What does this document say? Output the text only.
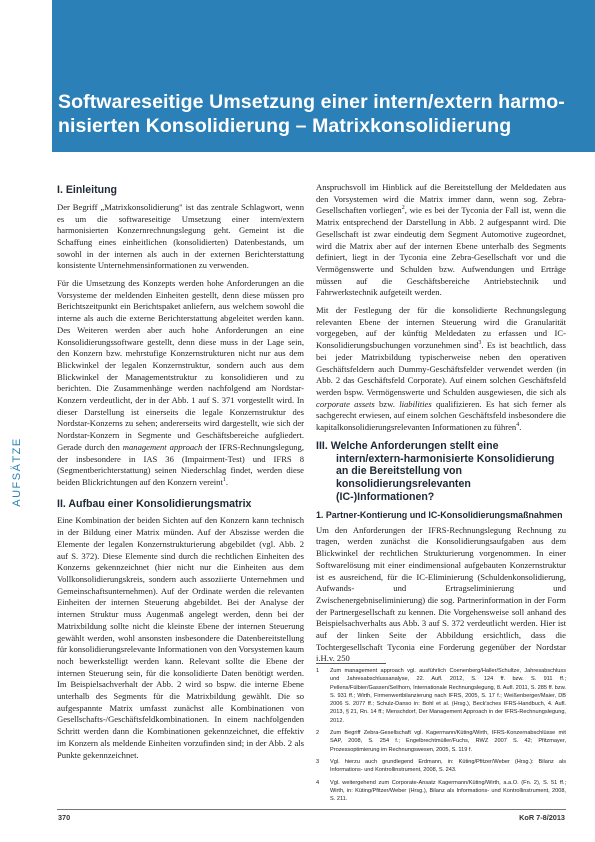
Softwareseitige Umsetzung einer intern/extern harmo-nisierten Konsolidierung – Matrixkonsolidierung
AUFSÄTZE
I. Einleitung

Der Begriff „Matrixkonsolidierung" ist das zentrale Schlagwort, wenn es um die softwareseitige Umsetzung einer intern/extern harmonisierten Konzernrechnungslegung geht. Gemeint ist die Schaffung eines einheitlichen (konsolidierten) Datenbestands, um sowohl in der internen als auch in der externen Berichterstattung konsistente Unternehmensinformationen zu verwenden.

Für die Umsetzung des Konzepts werden hohe Anforderungen an die Vorsysteme der meldenden Einheiten gestellt, denn diese müssen pro Berichtszeitpunkt ein Berichtspaket anliefern, aus welchem sowohl die interne als auch die externe Berichterstattung abgeleitet werden kann. Des Weiteren werden aber auch hohe Anforderungen an eine Konsolidierungssoftware gestellt, denn diese muss in der Lage sein, den Konzern bzw. mehrstufige Konzernstrukturen nicht nur aus dem Blickwinkel der legalen Konzernstruktur, sondern auch aus dem Blickwinkel der Managementstruktur zu konsolidieren und zu berichten. Die Zusammenhänge werden nachfolgend am Nordstar-Konzern verdeutlicht, der in der Abb. 1 auf S. 371 vorgestellt wird. In dieser Darstellung ist einerseits die legale Konzernstruktur des Nordstar-Konzerns zu sehen; andererseits wird dargestellt, wie sich der Nordstar-Konzern in Segmente und Geschäftsbereiche aufgliedert. Gerade durch den management approach der IFRS-Rechnungslegung, der insbesondere in IAS 36 (Impairment-Test) und IFRS 8 (Segmentberichterstattung) seinen Niederschlag findet, werden diese beiden Blickrichtungen auf den Konzern vereint$^1$.

II. Aufbau einer Konsolidierungsmatrix

Eine Kombination der beiden Sichten auf den Konzern kann technisch in der Bildung einer Matrix münden. Auf der Abszisse werden die Elemente der legalen Konzernstrukturierung abgebildet (vgl. Abb. 2 auf S. 372). Diese Elemente sind durch die rechtlichen Einheiten des Konzerns gekennzeichnet (hier nicht nur die Einheiten aus dem Vollkonsolidierungskreis, sondern auch assoziierte Unternehmen und Gemeinschaftsunternehmen). Auf der Ordinate werden die relevanten Einheiten der internen Steuerung abgebildet. Bei der Analyse der internen Struktur muss Augenmaß angelegt werden, denn bei der Matrixbildung sollte nicht die kleinste Ebene der internen Steuerung gewählt werden, wohl ansonsten insbesondere die Datenbereitstellung für konsolidierungsrelevante Informationen von den Vorsystemen kaum noch bewerkstelligt werden kann. Relevant sollte die Ebene der internen Steuerung sein, für die konsolidierte Daten benötigt werden. Im Beispielsachverhalt der Abb. 2 wird so bspw. die interne Ebene unterhalb des Segments für die Matrixbildung gewählt. Die so aufgespannte Matrix umfasst zunächst alle Kombinationen von Gesellschafts-/Geschäftsfeldkombinationen. In einem nachfolgenden Schritt werden dann die Kombinationen gekennzeichnet, die effektiv im Konzern als meldende Einheiten vorzufinden sind; in der Abb. 2 als Punkte gekennzeichnet.

Anspruchsvoll im Hinblick auf die Bereitstellung der Meldedaten aus den Vorsystemen wird die Matrix immer dann, wenn sog. Zebra-Gesellschaften vorliegen$^2$, wie es bei der Tyconia der Fall ist, wenn die Matrix entsprechend der Darstellung in Abb. 2 aufgespannt wird. Die Gesellschaft ist zwar eindeutig dem Segment Automotive zugeordnet, wird die Matrix aber auf der internen Ebene unterhalb des Segments definiert, liegt in der Tyconia eine Zebra-Gesellschaft vor und die Vermögenswerte und Schulden bzw. Aufwendungen und Erträge müssen auf die Geschäftsbereiche Antriebstechnik und Fahrwerkstechnik aufgeteilt werden.

Mit der Festlegung der für die konsolidierte Rechnungslegung relevanten Ebene der internen Steuerung wird die Granularität vorgegeben, auf der künftig Meldedaten zu erfassen und IC-Konsolidierungsbuchungen vorzunehmen sind$^3$. Es ist beachtlich, dass bei jeder Matrixbildung typischerweise neben den operativen Geschäftsfeldern auch Dummy-Geschäftsfelder verwendet werden (in Abb. 2 das Geschäftsfeld Corporate). Auf einem solchen Geschäftsfeld werden bspw. Vermögenswerte und Schulden ausgewiesen, die sich als corporate assets bzw. liabilities qualifizieren. Es hat sich ferner als sachgerecht erwiesen, auf einem solchen Geschäftsfeld insbesondere die kapitalkonsolidierungsrelevanten Informationen zu führen$^4$.

III. Welche Anforderungen stellt eine intern/extern-harmonisierte Konsolidierung an die Bereitstellung von konsolidierungsrelevanten (IC-)Informationen?
1. Partner-Kontierung und IC-Konsolidierungsmaßnahmen

Um den Anforderungen der IFRS-Rechnungslegung Rechnung zu tragen, werden zunächst die Konsolidierungsaufgaben aus dem Blickwinkel der rechtlichen Strukturierung vorgenommen. In einer Softwarelösung mit einer eindimensional aufgebauten Konzernstruktur ist es ausreichend, für die IC-Eliminierung (Schuldenkonsolidierung, Aufwands- und Ertragseliminierung und Zwischenergebniseliminierung) die sog. Partnerinformation in der Form der Partnergesellschaft zu kennen. Die Vorgehensweise soll anhand des Beispielsachverhalts aus Abb. 3 auf S. 372 verdeutlicht werden. Hier ist auf der linken Seite der Abbildung ersichtlich, dass die Tochtergesellschaft Tyconia eine Forderung gegenüber der Nordstar i.H.v. 250

1	Zum management approach vgl. ausführlich Coenenberg/Haller/Schultze, Jahresabschluss und Jahresabschlussanalyse, 22. Aufl. 2012, S. 124 ff. bzw. S. 911 ff.; Pellens/Fülbier/Gassen/Sellhorn, Internationale Rechnungslegung, 8. Aufl. 2011, S. 285 ff. bzw. S. 931 ff.; Wirth, Firmenwertbilanzierung nach IFRS, 2005, S. 17 f.; Weißenberger/Maier, DB 2006 S. 2077 ff.; Schulz-Danso in: Bohl et al. (Hrsg.), Beck'sches IFRS-Handbuch, 4. Aufl. 2013, § 21, Rn. 14 ff.; Menschdorf, Der Management Approach in der IFRS-Rechnungslegung, 2012.
2	Zum Begriff Zebra-Gesellschaft vgl. Kagermann/Küting/Wirth, IFRS-Konzernabschlüsse mit SAP, 2008, S. 254 f.; Engelbrechtmüller/Fuchs, RWZ 2007 S. 42; Pfitzmayer, Prozessoptimierung im Rechnungswesen, 2005, S. 119 f.
3	Vgl. hierzu auch grundlegend Erdmann, in: Küting/Pfitzer/Weber (Hrsg.): Bilanz als Informations- und Kontrollinstrument, 2008, S. 243.
4	Vgl. weitergehend zum Corporate-Ansatz Kagermann/Küting/Wirth, a.a.O. (Fn. 2), S. 51 ff.; Wirth, in: Küting/Pfitzer/Weber (Hrsg.), Bilanz als Informations- und Kontrollinstrument, 2008, S. 211.
370	KoR 7-8/2013
